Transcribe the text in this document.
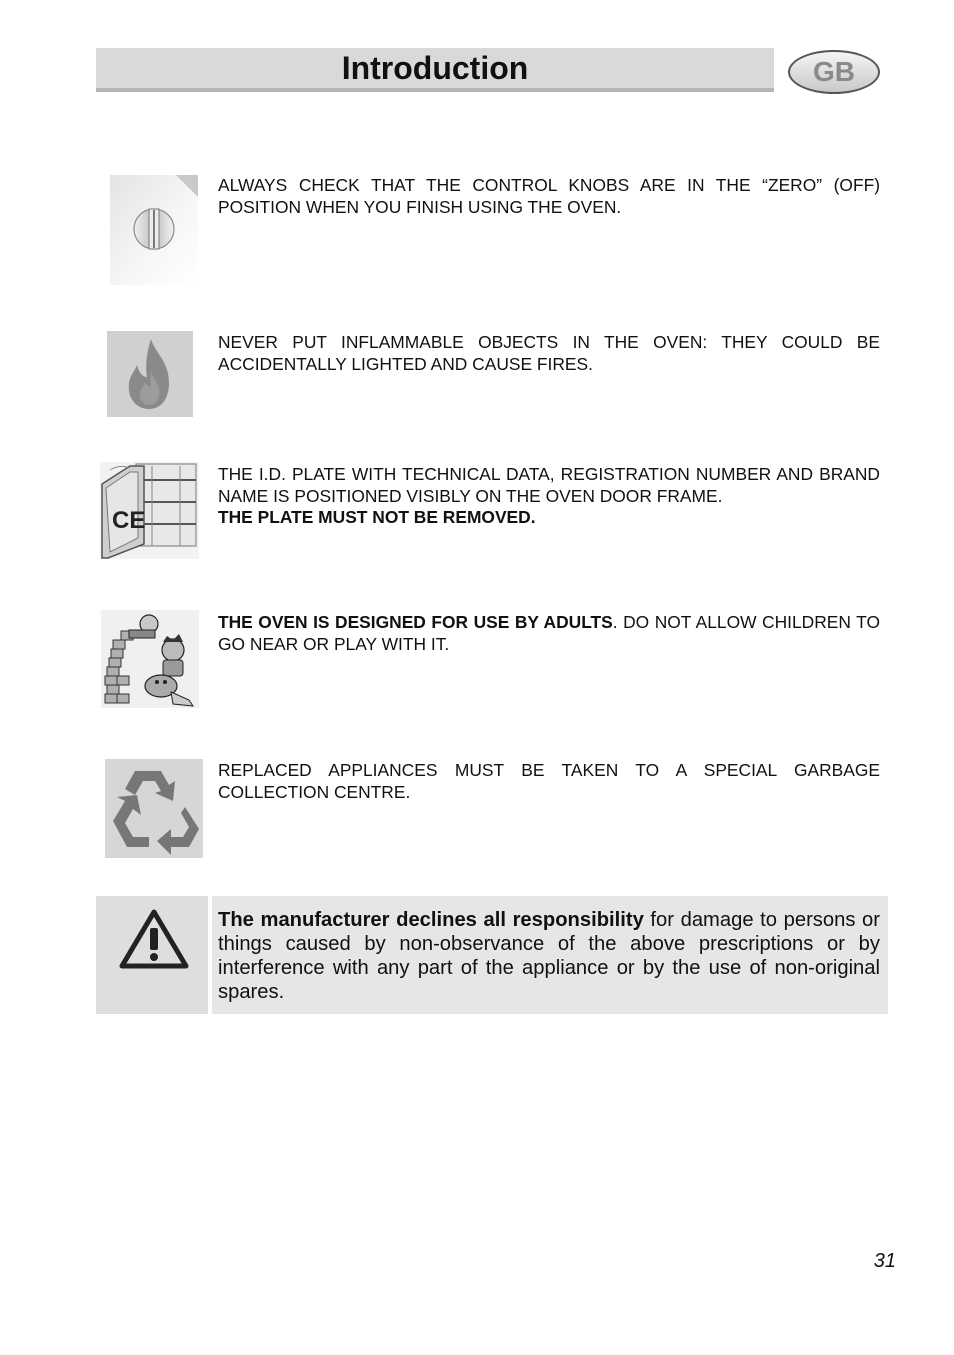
Introduction	GB

ALWAYS CHECK THAT THE CONTROL KNOBS ARE IN THE “ZERO” (OFF) POSITION WHEN YOU FINISH USING THE OVEN.

NEVER PUT INFLAMMABLE OBJECTS IN THE OVEN: THEY COULD BE ACCIDENTALLY LIGHTED AND CAUSE FIRES.

CE

THE I.D. PLATE WITH TECHNICAL DATA, REGISTRATION NUMBER AND BRAND NAME IS POSITIONED VISIBLY ON THE OVEN DOOR FRAME.

THE PLATE MUST NOT BE REMOVED.

THE OVEN IS DESIGNED FOR USE BY ADULTS. DO NOT ALLOW CHILDREN TO GO NEAR OR PLAY WITH IT.

REPLACED APPLIANCES MUST BE TAKEN TO A SPECIAL GARBAGE COLLECTION CENTRE.

The manufacturer declines all responsibility for damage to persons or things caused by non-observance of the above prescriptions or by interference with any part of the appliance or by the use of non-original spares.
31
